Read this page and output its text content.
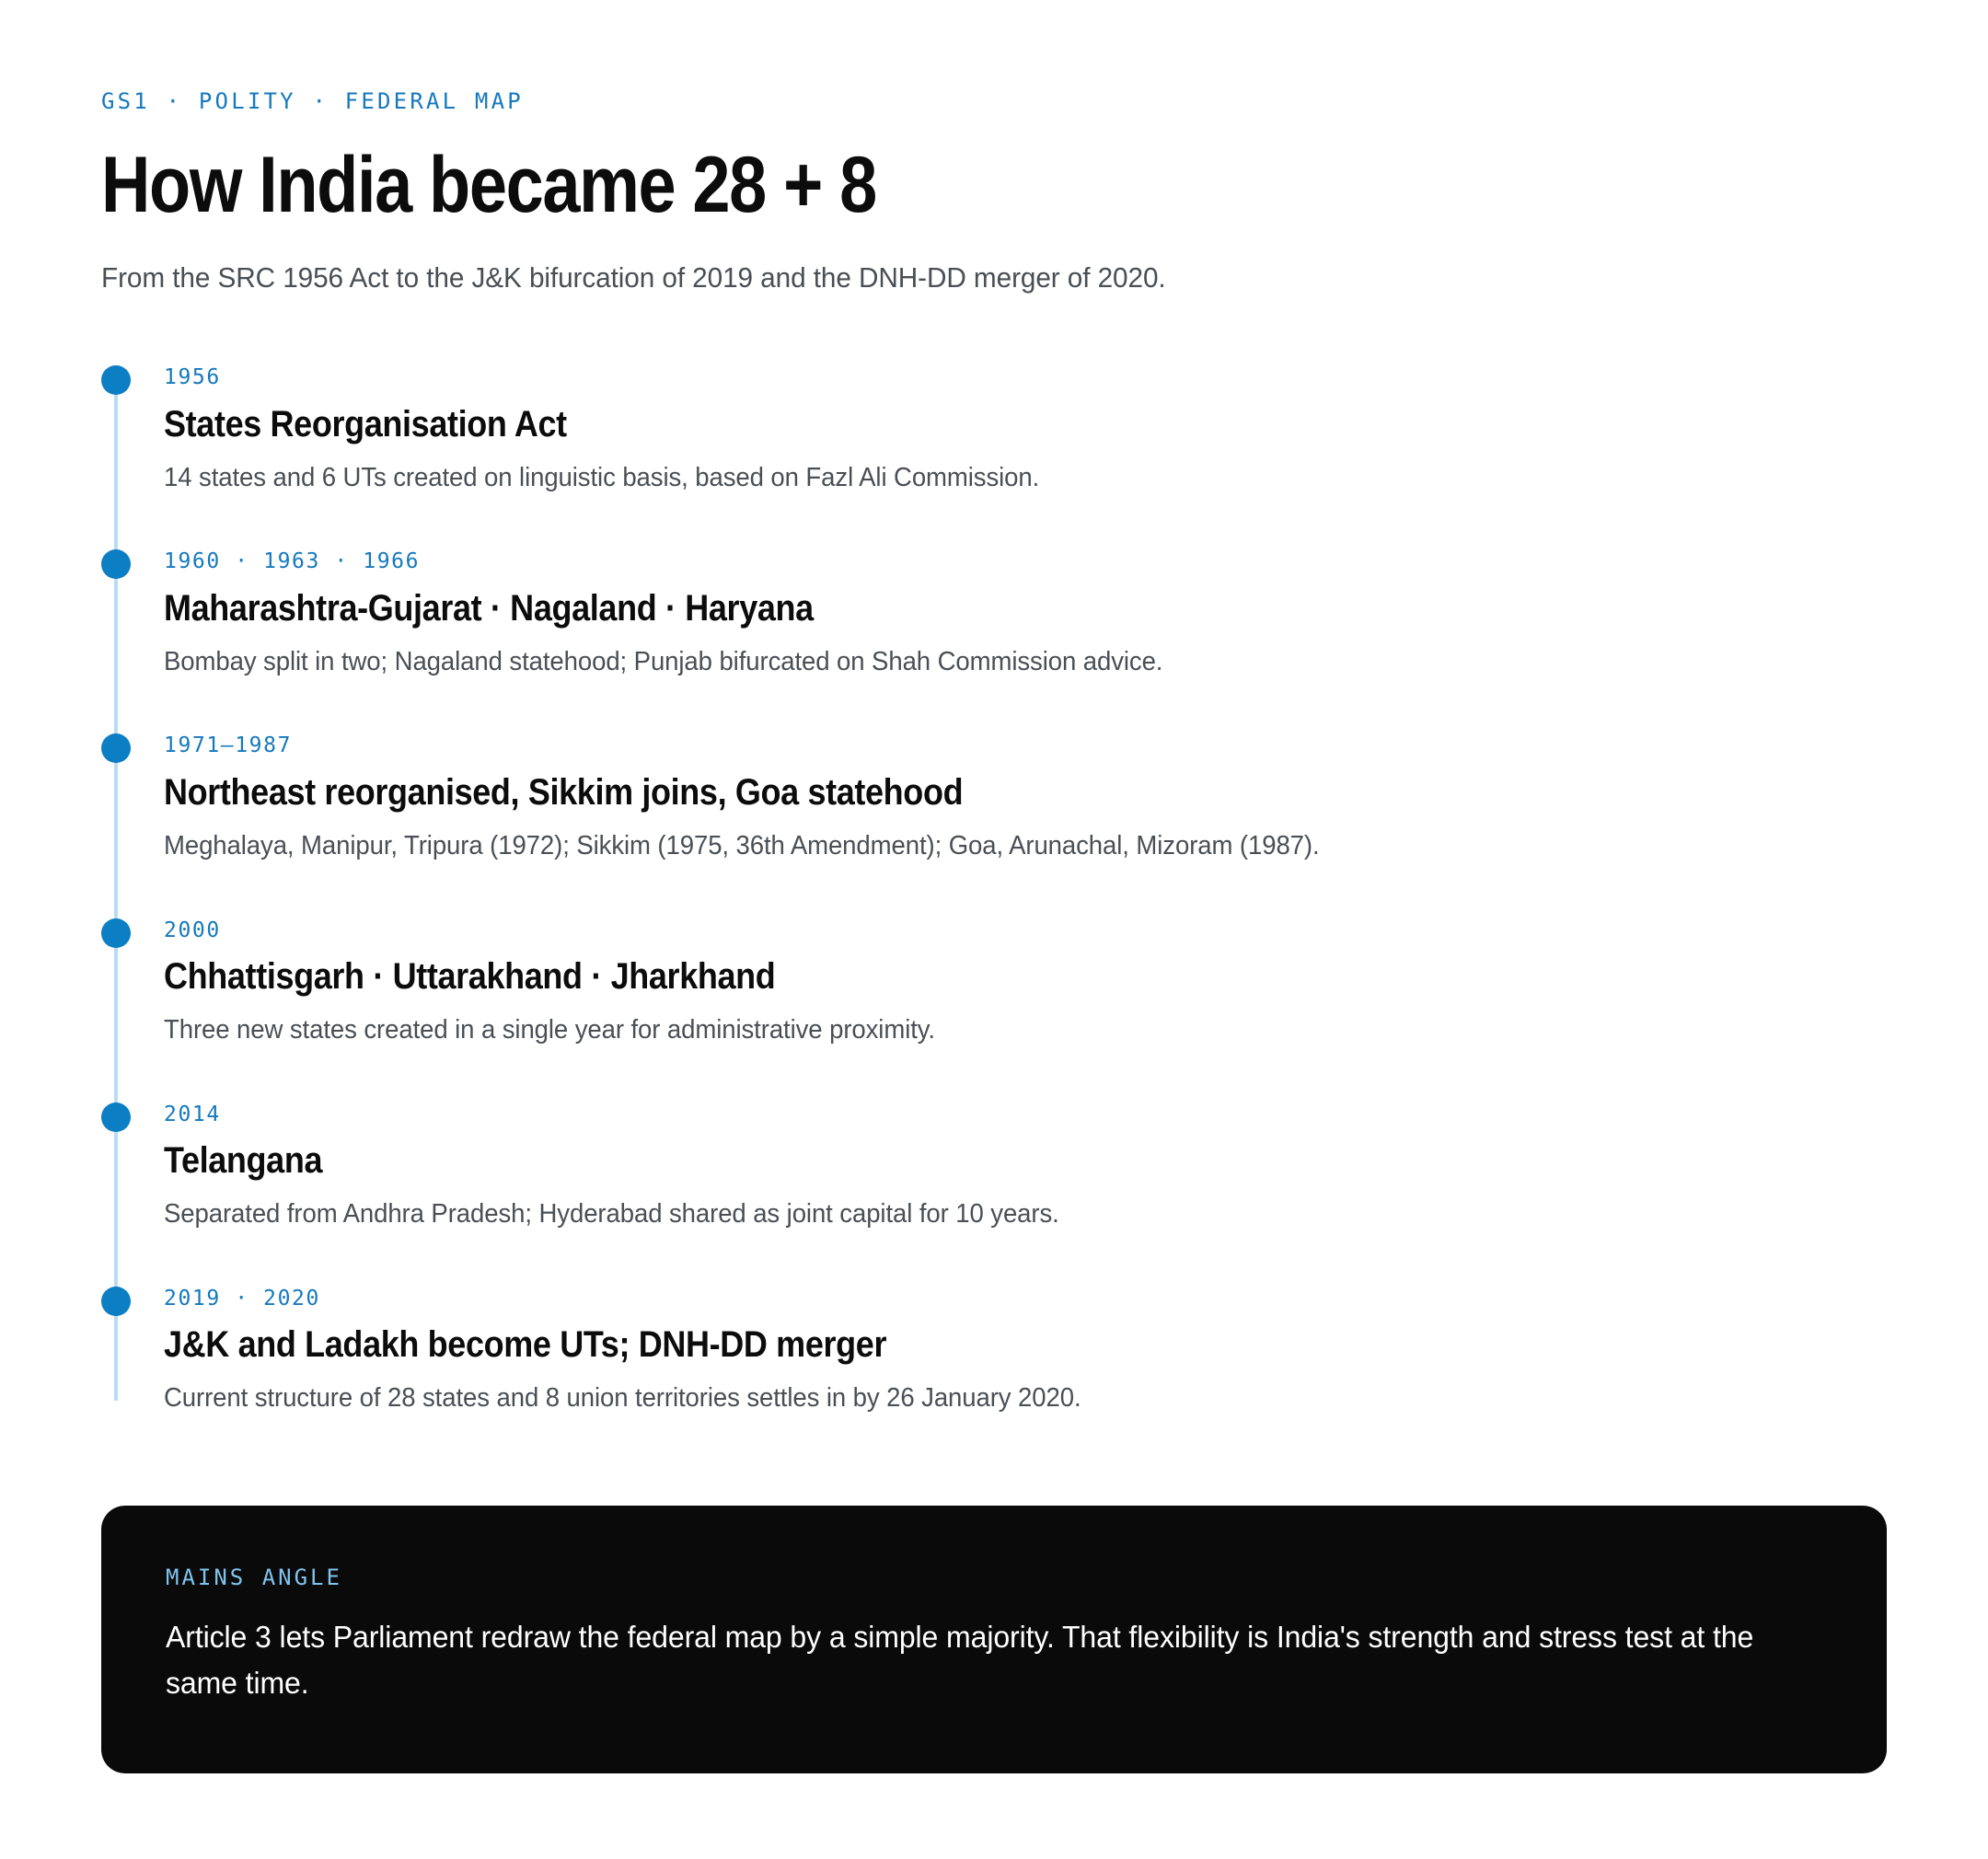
GS1 · POLITY · FEDERAL MAP
How India became 28 + 8

From the SRC 1956 Act to the J&K bifurcation of 2019 and the DNH-DD merger of 2020.

1956
States Reorganisation Act
14 states and 6 UTs created on linguistic basis, based on Fazl Ali Commission.
1960 · 1963 · 1966
Maharashtra-Gujarat · Nagaland · Haryana
Bombay split in two; Nagaland statehood; Punjab bifurcated on Shah Commission advice.
1971–1987
Northeast reorganised, Sikkim joins, Goa statehood
Meghalaya, Manipur, Tripura (1972); Sikkim (1975, 36th Amendment); Goa, Arunachal, Mizoram (1987).
2000
Chhattisgarh · Uttarakhand · Jharkhand
Three new states created in a single year for administrative proximity.
2014
Telangana
Separated from Andhra Pradesh; Hyderabad shared as joint capital for 10 years.
2019 · 2020
J&K and Ladakh become UTs; DNH-DD merger
Current structure of 28 states and 8 union territories settles in by 26 January 2020.
MAINS ANGLE
Article 3 lets Parliament redraw the federal map by a simple majority. That flexibility is India's strength and stress test at the same time.
